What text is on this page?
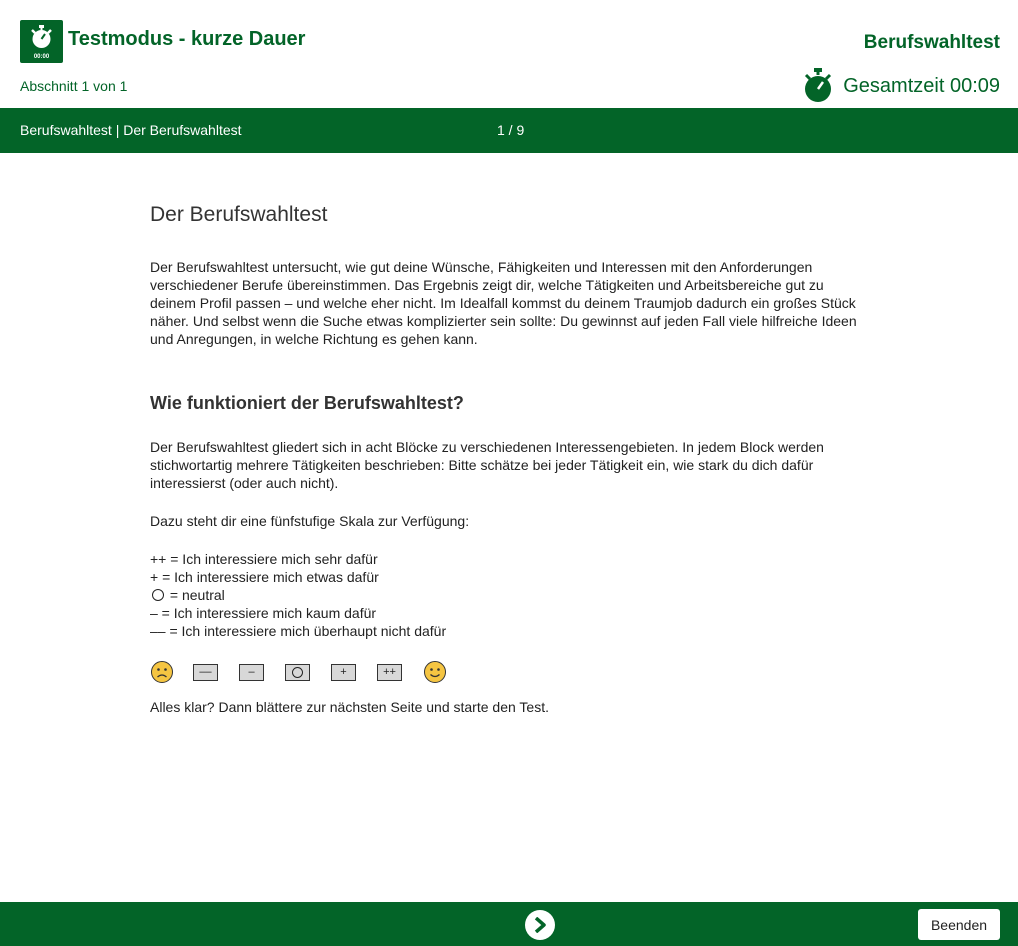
00:00
Testmodus - kurze Dauer
Abschnitt 1 von 1
Berufswahltest
Gesamtzeit 00:09
Berufswahltest | Der Berufswahltest	1 / 9
Der Berufswahltest

Der Berufswahltest untersucht, wie gut deine Wünsche, Fähigkeiten und Interessen mit den Anforderungen verschiedener Berufe übereinstimmen. Das Ergebnis zeigt dir, welche Tätigkeiten und Arbeitsbereiche gut zu deinem Profil passen – und welche eher nicht. Im Idealfall kommst du deinem Traumjob dadurch ein großes Stück näher. Und selbst wenn die Suche etwas komplizierter sein sollte: Du gewinnst auf jeden Fall viele hilfreiche Ideen und Anregungen, in welche Richtung es gehen kann.

Wie funktioniert der Berufswahltest?

Der Berufswahltest gliedert sich in acht Blöcke zu verschiedenen Interessengebieten. In jedem Block werden stichwortartig mehrere Tätigkeiten beschrieben: Bitte schätze bei jeder Tätigkeit ein, wie stark du dich dafür interessierst (oder auch nicht).

Dazu steht dir eine fünfstufige Skala zur Verfügung:

++ = Ich interessiere mich sehr dafür
+ = Ich interessiere mich etwas dafür
= neutral
– = Ich interessiere mich kaum dafür
–– = Ich interessiere mich überhaupt nicht dafür
––	–	+	++

Alles klar? Dann blättere zur nächsten Seite und starte den Test.

Beenden
